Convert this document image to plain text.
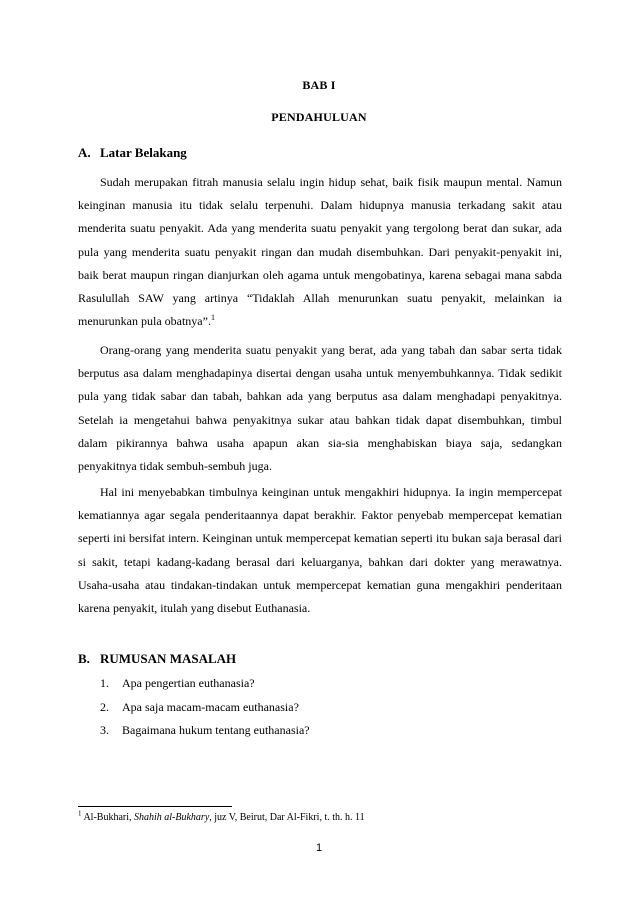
BAB I
PENDAHULUAN
A. Latar Belakang

Sudah merupakan fitrah manusia selalu ingin hidup sehat, baik fisik maupun mental. Namun keinginan manusia itu tidak selalu terpenuhi. Dalam hidupnya manusia terkadang sakit atau menderita suatu penyakit. Ada yang menderita suatu penyakit yang tergolong berat dan sukar, ada pula yang menderita suatu penyakit ringan dan mudah disembuhkan. Dari penyakit-penyakit ini, baik berat maupun ringan dianjurkan oleh agama untuk mengobatinya, karena sebagai mana sabda Rasulullah SAW yang artinya “Tidaklah Allah menurunkan suatu penyakit, melainkan ia menurunkan pula obatnya”.$^1$

Orang-orang yang menderita suatu penyakit yang berat, ada yang tabah dan sabar serta tidak berputus asa dalam menghadapinya disertai dengan usaha untuk menyembuhkannya. Tidak sedikit pula yang tidak sabar dan tabah, bahkan ada yang berputus asa dalam menghadapi penyakitnya. Setelah ia mengetahui bahwa penyakitnya sukar atau bahkan tidak dapat disembuhkan, timbul dalam pikirannya bahwa usaha apapun akan sia-sia menghabiskan biaya saja, sedangkan penyakitnya tidak sembuh-sembuh juga.

Hal ini menyebabkan timbulnya keinginan untuk mengakhiri hidupnya. Ia ingin mempercepat kematiannya agar segala penderitaannya dapat berakhir. Faktor penyebab mempercepat kematian seperti ini bersifat intern. Keinginan untuk mempercepat kematian seperti itu bukan saja berasal dari si sakit, tetapi kadang-kadang berasal dari keluarganya, bahkan dari dokter yang merawatnya. Usaha-usaha atau tindakan-tindakan untuk mempercepat kematian guna mengakhiri penderitaan karena penyakit, itulah yang disebut Euthanasia.

B. RUMUSAN MASALAH
1. Apa pengertian euthanasia?
2. Apa saja macam-macam euthanasia?
3. Bagaimana hukum tentang euthanasia?
$^1$ Al-Bukhari, Shahih al-Bukhary, juz V, Beirut, Dar Al-Fikri, t. th. h. 11
1
